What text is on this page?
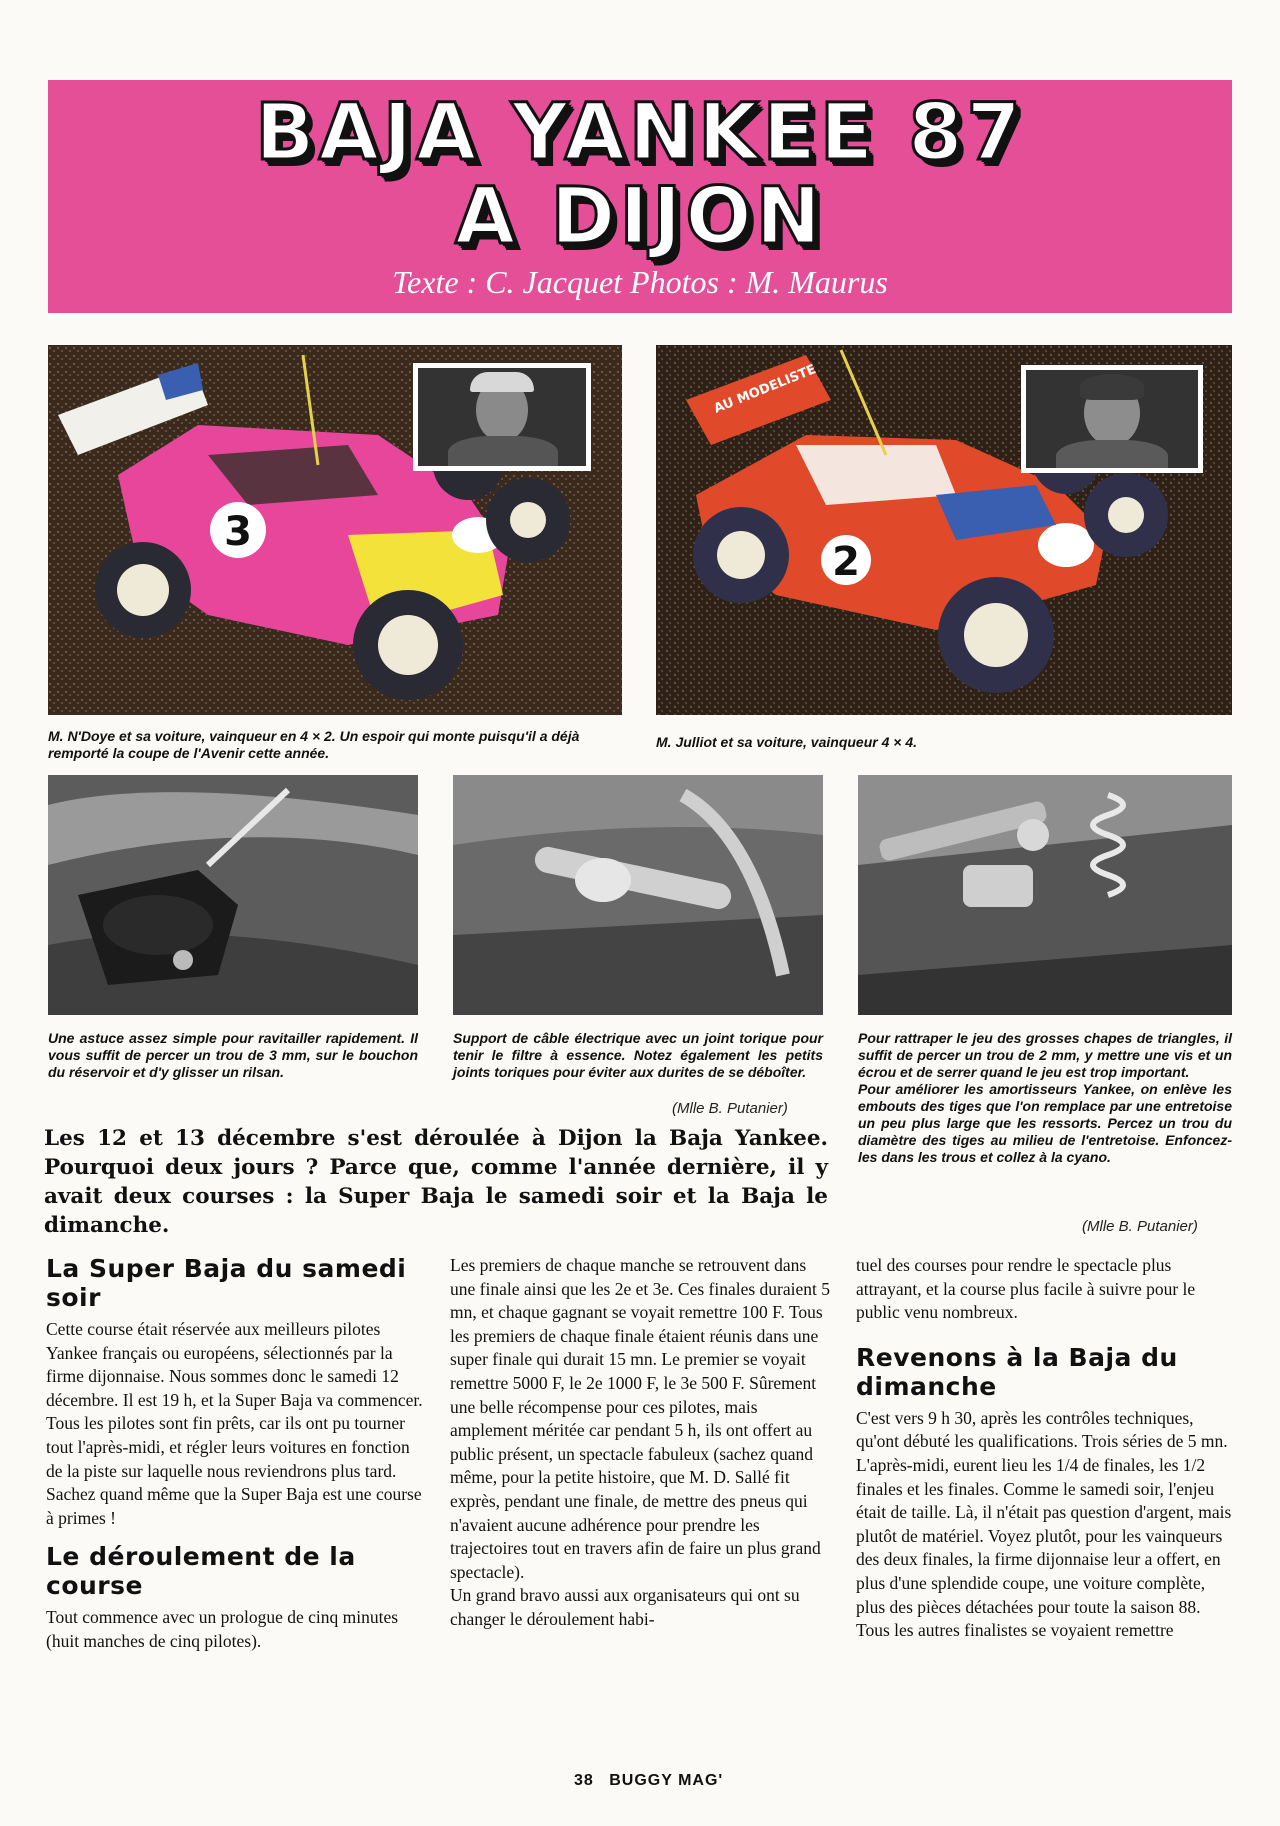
BAJA YANKEE 87
A DIJON
Texte : C. Jacquet Photos : M. Maurus
3
AU MODELISTE
2
M. N'Doye et sa voiture, vainqueur en 4 × 2. Un espoir qui monte puisqu'il a déjà remporté la coupe de l'Avenir cette année.
M. Julliot et sa voiture, vainqueur 4 × 4.
Une astuce assez simple pour ravitailler rapidement. Il vous suffit de percer un trou de 3 mm, sur le bouchon du réservoir et d'y glisser un rilsan.
Support de câble électrique avec un joint torique pour tenir le filtre à essence. Notez également les petits joints toriques pour éviter aux durites de se déboîter.
(Mlle B. Putanier)
Pour rattraper le jeu des grosses chapes de triangles, il suffit de percer un trou de 2 mm, y mettre une vis et un écrou et de serrer quand le jeu est trop important.
Pour améliorer les amortisseurs Yankee, on enlève les embouts des tiges que l'on remplace par une entretoise un peu plus large que les ressorts. Percez un trou du diamètre des tiges au milieu de l'entretoise. Enfoncez-les dans les trous et collez à la cyano.
(Mlle B. Putanier)
Les 12 et 13 décembre s'est déroulée à Dijon la Baja Yankee. Pourquoi deux jours ? Parce que, comme l'année dernière, il y avait deux courses : la Super Baja le samedi soir et la Baja le dimanche.
La Super Baja du samedi soir

Cette course était réservée aux meilleurs pilotes Yankee français ou européens, sélectionnés par la firme dijonnaise. Nous sommes donc le samedi 12 décembre. Il est 19 h, et la Super Baja va commencer. Tous les pilotes sont fin prêts, car ils ont pu tourner tout l'après-midi, et régler leurs voitures en fonction de la piste sur laquelle nous reviendrons plus tard.

Sachez quand même que la Super Baja est une course à primes !

Le déroulement de la course

Tout commence avec un prologue de cinq minutes (huit manches de cinq pilotes).

Les premiers de chaque manche se retrouvent dans une finale ainsi que les 2e et 3e. Ces finales duraient 5 mn, et chaque gagnant se voyait remettre 100 F. Tous les premiers de chaque finale étaient réunis dans une super finale qui durait 15 mn. Le premier se voyait remettre 5000 F, le 2e 1000 F, le 3e 500 F. Sûrement une belle récompense pour ces pilotes, mais amplement méritée car pendant 5 h, ils ont offert au public présent, un spectacle fabuleux (sachez quand même, pour la petite histoire, que M. D. Sallé fit exprès, pendant une finale, de mettre des pneus qui n'avaient aucune adhérence pour prendre les trajectoires tout en travers afin de faire un plus grand spectacle).

Un grand bravo aussi aux organisateurs qui ont su changer le déroulement habi-

tuel des courses pour rendre le spectacle plus attrayant, et la course plus facile à suivre pour le public venu nombreux.

Revenons à la Baja du dimanche

C'est vers 9 h 30, après les contrôles techniques, qu'ont débuté les qualifications. Trois séries de 5 mn. L'après-midi, eurent lieu les 1/4 de finales, les 1/2 finales et les finales. Comme le samedi soir, l'enjeu était de taille. Là, il n'était pas question d'argent, mais plutôt de matériel. Voyez plutôt, pour les vainqueurs des deux finales, la firme dijonnaise leur a offert, en plus d'une splendide coupe, une voiture complète, plus des pièces détachées pour toute la saison 88. Tous les autres finalistes se voyaient remettre

38 BUGGY MAG'
